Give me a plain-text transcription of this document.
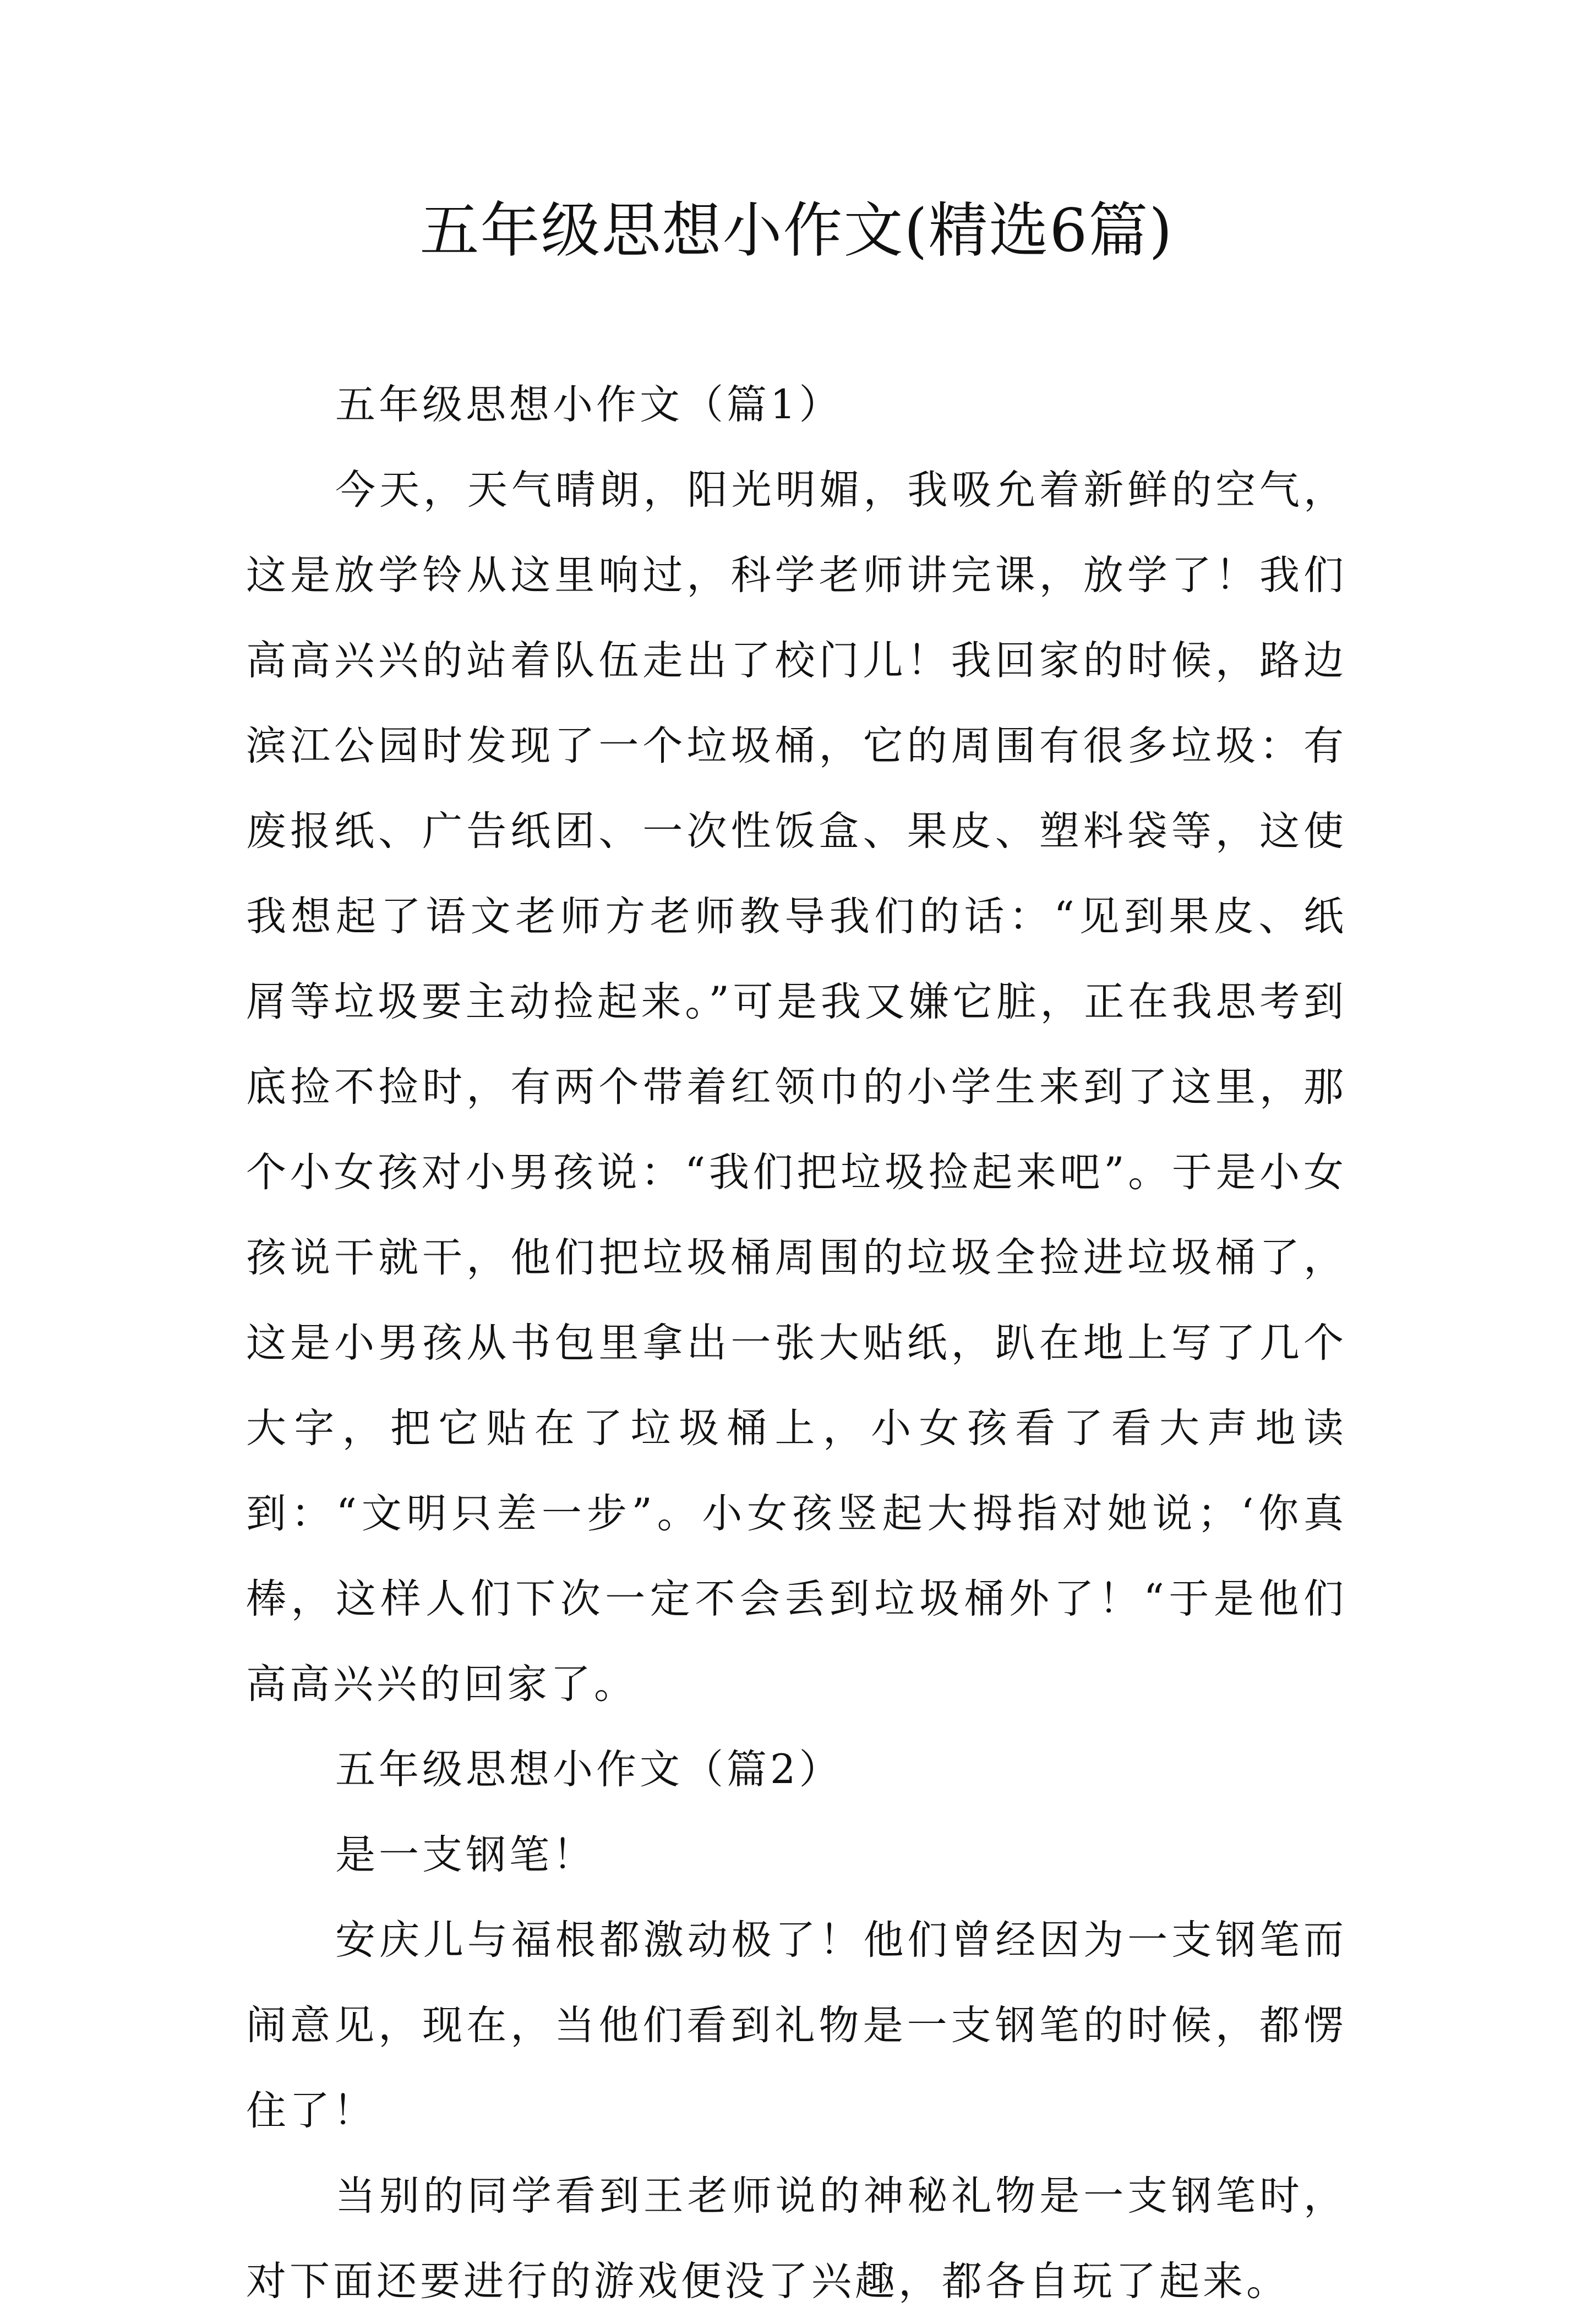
五年级思想小作文(精选6篇)

五年级思想小作文（篇1）

今天，天气晴朗，阳光明媚，我吸允着新鲜的空气，这是放学铃从这里响过，科学老师讲完课，放学了！我们高高兴兴的站着队伍走出了校门儿！我回家的时候，路边滨江公园时发现了一个垃圾桶，它的周围有很多垃圾：有废报纸、广告纸团、一次性饭盒、果皮、塑料袋等，这使我想起了语文老师方老师教导我们的话：“见到果皮、纸屑等垃圾要主动捡起来。”可是我又嫌它脏，正在我思考到底捡不捡时，有两个带着红领巾的小学生来到了这里，那个小女孩对小男孩说：“我们把垃圾捡起来吧”。于是小女孩说干就干，他们把垃圾桶周围的垃圾全捡进垃圾桶了，这是小男孩从书包里拿出一张大贴纸，趴在地上写了几个大字，把它贴在了垃圾桶上，小女孩看了看大声地读到：“文明只差一步”。小女孩竖起大拇指对她说；‘你真棒，这样人们下次一定不会丢到垃圾桶外了！“于是他们高高兴兴的回家了。

五年级思想小作文（篇2）

是一支钢笔！

安庆儿与福根都激动极了！他们曾经因为一支钢笔而闹意见，现在，当他们看到礼物是一支钢笔的时候，都愣住了！

当别的同学看到王老师说的神秘礼物是一支钢笔时，对下面还要进行的游戏便没了兴趣，都各自玩了起来。
